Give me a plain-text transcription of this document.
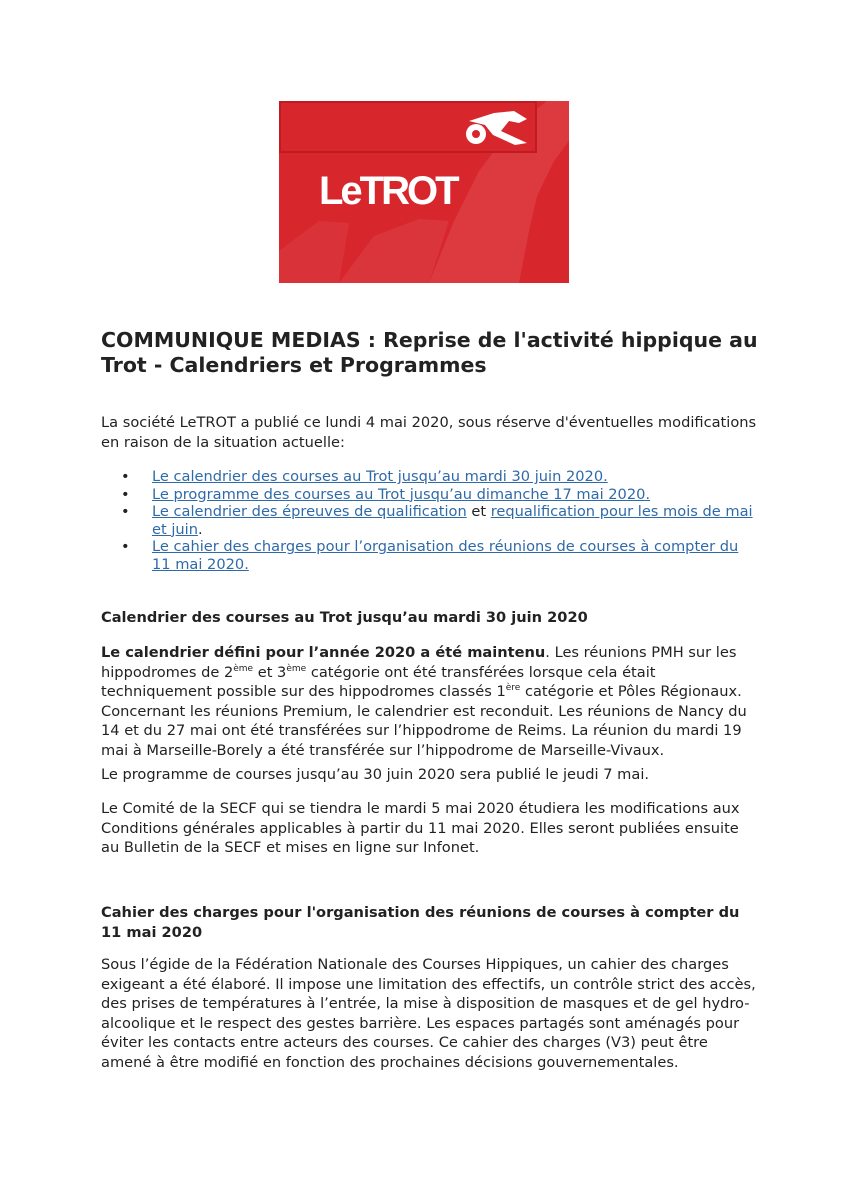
LeTROT
COMMUNIQUE MEDIAS : Reprise de l'activité hippique au Trot - Calendriers et Programmes

La société LeTROT a publié ce lundi 4 mai 2020, sous réserve d'éventuelles modifications en raison de la situation actuelle:

• Le calendrier des courses au Trot jusqu’au mardi 30 juin 2020.
• Le programme des courses au Trot jusqu’au dimanche 17 mai 2020.
• Le calendrier des épreuves de qualification et requalification pour les mois de mai et juin.
• Le cahier des charges pour l’organisation des réunions de courses à compter du 11 mai 2020.
Calendrier des courses au Trot jusqu’au mardi 30 juin 2020

Le calendrier défini pour l’année 2020 a été maintenu. Les réunions PMH sur les hippodromes de 2ème et 3ème catégorie ont été transférées lorsque cela était techniquement possible sur des hippodromes classés 1ère catégorie et Pôles Régionaux. Concernant les réunions Premium, le calendrier est reconduit. Les réunions de Nancy du 14 et du 27 mai ont été transférées sur l’hippodrome de Reims. La réunion du mardi 19 mai à Marseille-Borely a été transférée sur l’hippodrome de Marseille-Vivaux.

Le programme de courses jusqu’au 30 juin 2020 sera publié le jeudi 7 mai.

Le Comité de la SECF qui se tiendra le mardi 5 mai 2020 étudiera les modifications aux Conditions générales applicables à partir du 11 mai 2020. Elles seront publiées ensuite au Bulletin de la SECF et mises en ligne sur Infonet.

Cahier des charges pour l'organisation des réunions de courses à compter du 11 mai 2020

Sous l’égide de la Fédération Nationale des Courses Hippiques, un cahier des charges exigeant a été élaboré. Il impose une limitation des effectifs, un contrôle strict des accès, des prises de températures à l’entrée, la mise à disposition de masques et de gel hydro-alcoolique et le respect des gestes barrière. Les espaces partagés sont aménagés pour éviter les contacts entre acteurs des courses. Ce cahier des charges (V3) peut être amené à être modifié en fonction des prochaines décisions gouvernementales.
